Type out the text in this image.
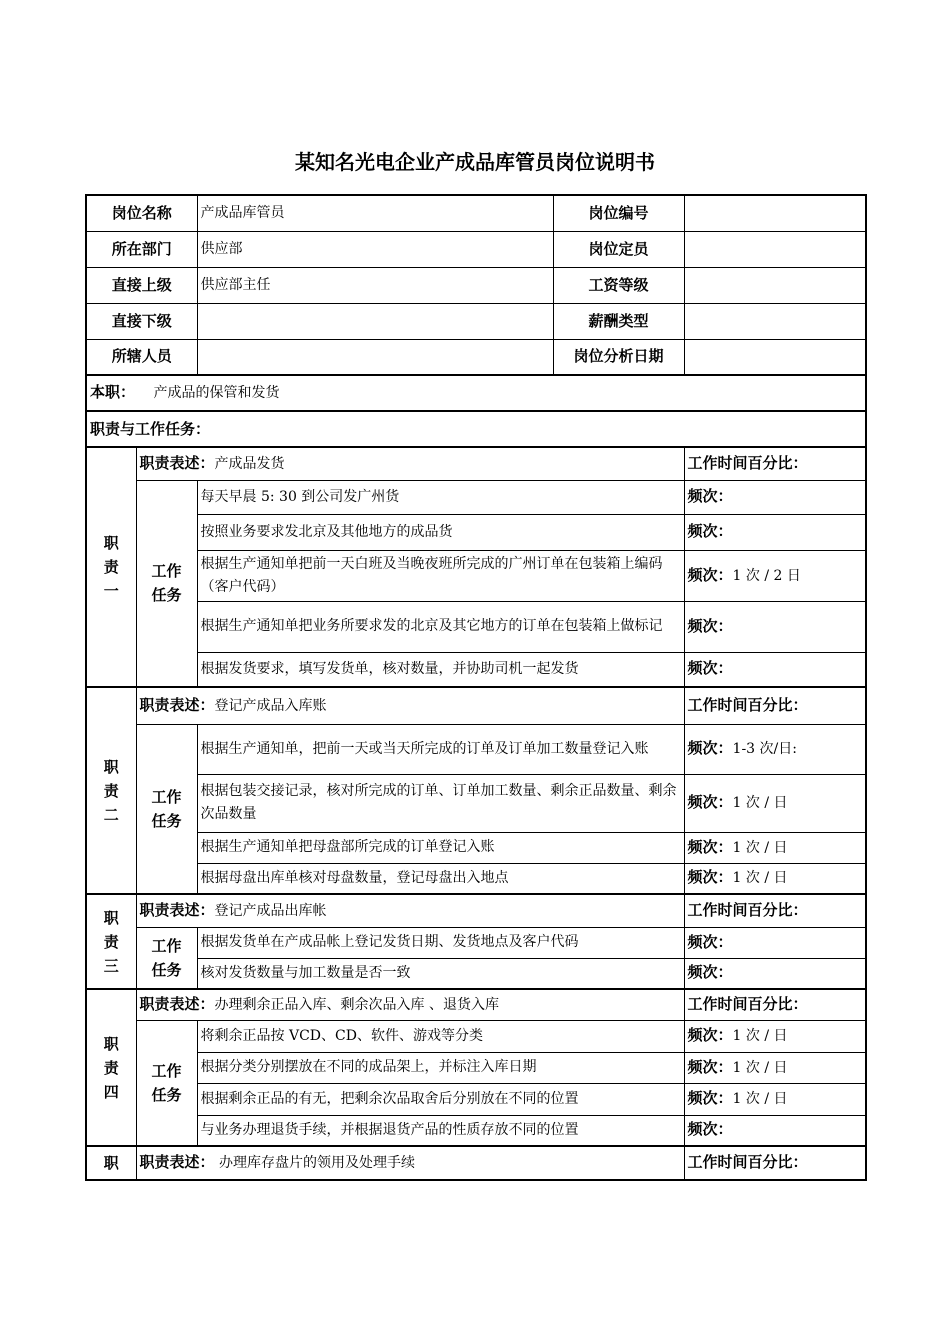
某知名光电企业产成品库管员岗位说明书
岗位名称		产成品库管员	岗位编号	
所在部门		供应部	岗位定员	
直接上级		供应部主任	工资等级	
直接下级			薪酬类型	
所辖人员			岗位分析日期	
本职： 产成品的保管和发货				
职责与工作任务：				

职
责
一	职责表述：产成品发货			工作时间百分比：

	工作
任务	每天早晨 5: 30 到公司发广州货		频次：
		按照业务要求发北京及其他地方的成品货		频次：
		根据生产通知单把前一天白班及当晚夜班所完成的广州订单在包装箱上编码（客户代码）		频次：1 次 / 2 日
		根据生产通知单把业务所要求发的北京及其它地方的订单在包装箱上做标记		频次：
		根据发货要求，填写发货单，核对数量，并协助司机一起发货		频次：

职
责
二	职责表述：登记产成品入库账			工作时间百分比：

	工作
任务	根据生产通知单，把前一天或当天所完成的订单及订单加工数量登记入账		频次：1-3 次/日:
		根据包装交接记录，核对所完成的订单、订单加工数量、剩余正品数量、剩余次品数量		频次：1 次 / 日
		根据生产通知单把母盘部所完成的订单登记入账		频次：1 次 / 日
		根据母盘出库单核对母盘数量，登记母盘出入地点		频次：1 次 / 日

职
责
三	职责表述：登记产成品出库帐			工作时间百分比：

	工作
任务	根据发货单在产成品帐上登记发货日期、发货地点及客户代码		频次：
		核对发货数量与加工数量是否一致		频次：

职
责
四	职责表述：办理剩余正品入库、剩余次品入库 、退货入库			工作时间百分比：

	工作
任务	将剩余正品按 VCD、CD、软件、游戏等分类		频次：1 次 / 日
		根据分类分别摆放在不同的成品架上，并标注入库日期		频次：1 次 / 日
		根据剩余正品的有无，把剩余次品取舍后分别放在不同的位置		频次：1 次 / 日
		与业务办理退货手续，并根据退货产品的性质存放不同的位置		频次：

职	职责表述： 办理库存盘片的领用及处理手续			工作时间百分比：
